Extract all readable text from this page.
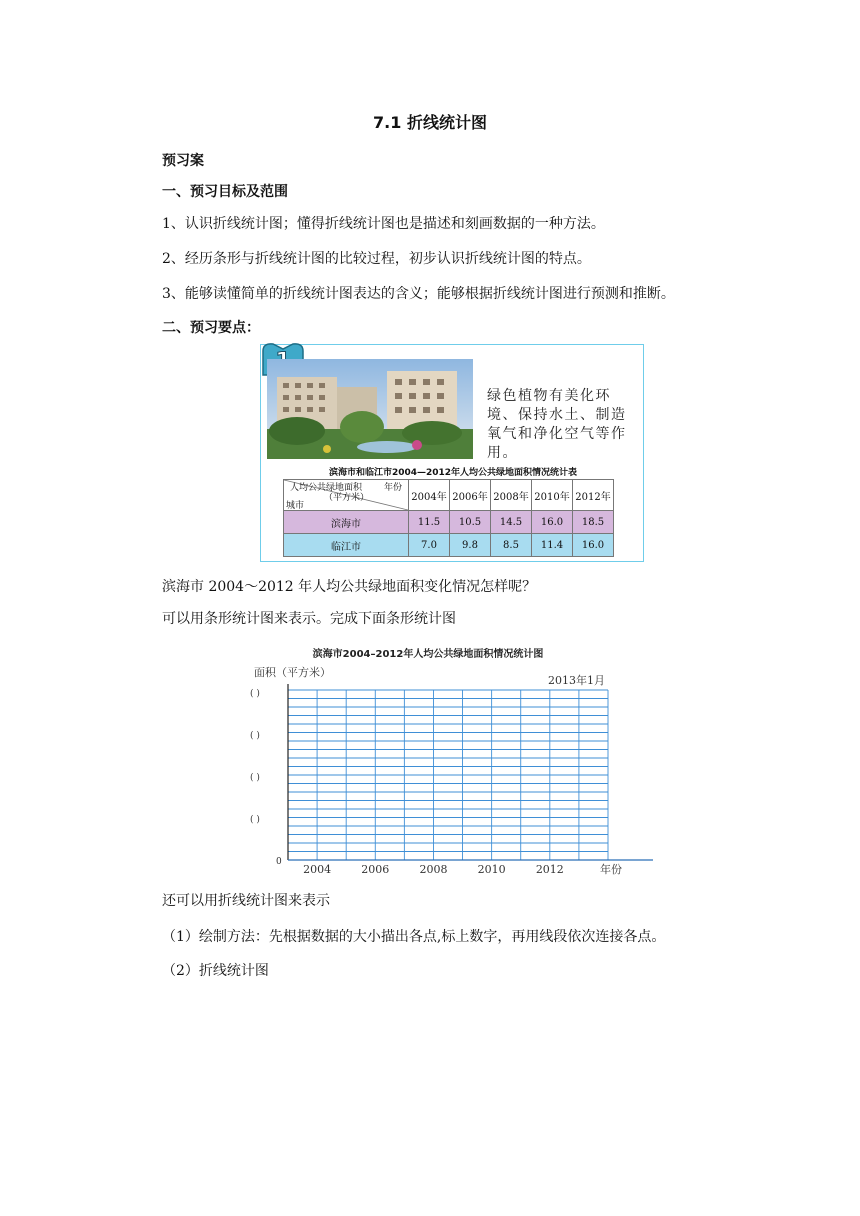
7.1 折线统计图
预习案
一、预习目标及范围
1、认识折线统计图；懂得折线统计图也是描述和刻画数据的一种方法。
2、经历条形与折线统计图的比较过程，初步认识折线统计图的特点。
3、能够读懂简单的折线统计图表达的含义；能够根据折线统计图进行预测和推断。
二、预习要点：
绿色植物有美化环境、保持水土、制造氧气和净化空气等作用。
滨海市和临江市2004—2012年人均公共绿地面积情况统计表
人均公共绿地面积 年份
（平方米）
城市	2004年	2006年	2008年	2010年	2012年
滨海市	11.5	10.5	14.5	16.0	18.5
临江市	7.0	9.8	8.5	11.4	16.0
滨海市 2004～2012 年人均公共绿地面积变化情况怎样呢？
可以用条形统计图来表示。完成下面条形统计图
滨海市2004–2012年人均公共绿地面积情况统计图
面积（平方米）
2013年1月
0
( )
( )
( )
( )
2004	2006	2008	2010	2012	年份
还可以用折线统计图来表示
（1）绘制方法：先根据数据的大小描出各点,标上数字，再用线段依次连接各点。
（2）折线统计图
